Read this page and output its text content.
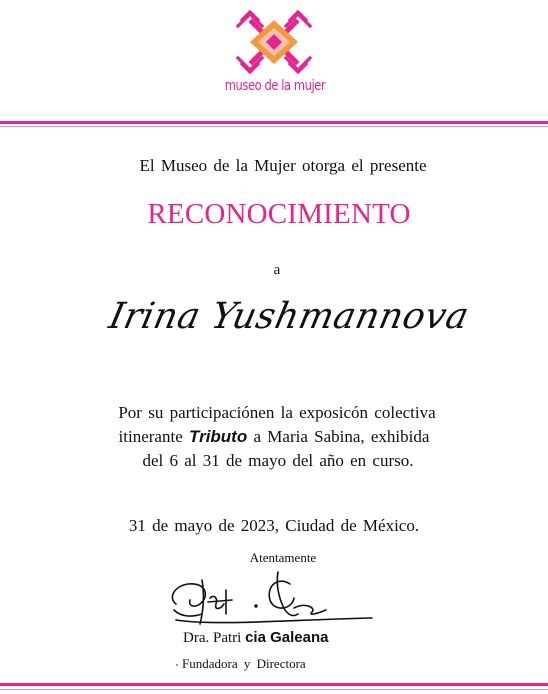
museo de la mujer
El Museo de la Mujer otorga el presente
RECONOCIMIENTO
a
Irina Yushmannova
Por su participaciónen la exposicón colectiva
itinerante Tributo a Maria Sabina, exhibida
del 6 al 31 de mayo del año en curso.
31 de mayo de 2023, Ciudad de México.
Atentamente
Dra. Patri cia Galeana
Fundadora y Directora
